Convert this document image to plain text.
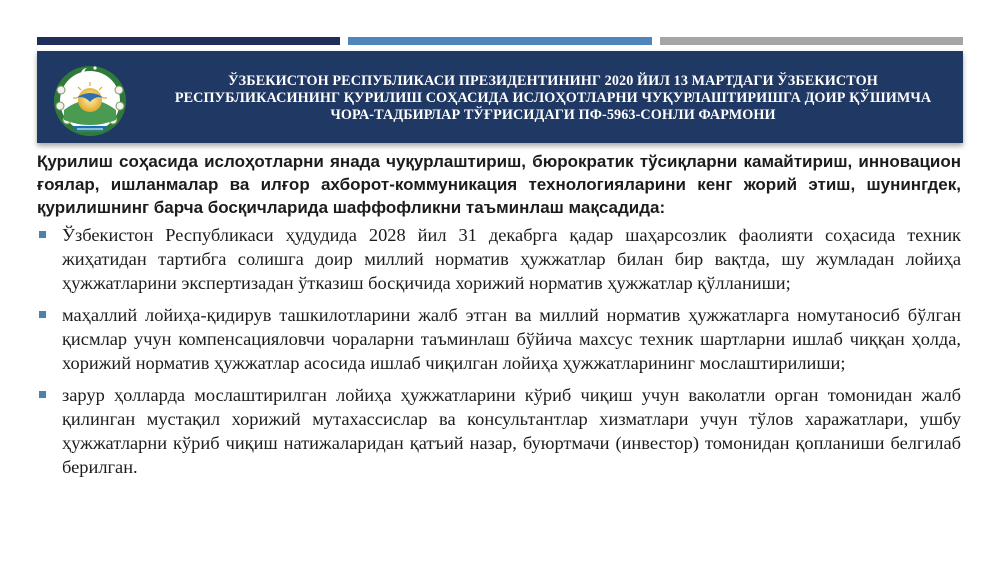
ЎЗБЕКИСТОН РЕСПУБЛИКАСИ ПРЕЗИДЕНТИНИНГ 2020 ЙИЛ 13 МАРТДАГИ ЎЗБЕКИСТОН РЕСПУБЛИКАСИНИНГ ҚУРИЛИШ СОҲАСИДА ИСЛОҲОТЛАРНИ ЧУҚУРЛАШТИРИШГА ДОИР ҚЎШИМЧА ЧОРА-ТАДБИРЛАР ТЎҒРИСИДАГИ ПФ-5963-СОНЛИ ФАРМОНИ

Қурилиш соҳасида ислоҳотларни янада чуқурлаштириш, бюрократик тўсиқларни камайтириш, инновацион ғоялар, ишланмалар ва илғор ахборот-коммуникация технологияларини кенг жорий этиш, шунингдек, қурилишнинг барча босқичларида шаффофликни таъминлаш мақсадида:

Ўзбекистон Республикаси ҳудудида 2028 йил 31 декабрга қадар шаҳарсозлик фаолияти соҳасида техник жиҳатидан тартибга солишга доир миллий норматив ҳужжатлар билан бир вақтда, шу жумладан лойиҳа ҳужжатларини экспертизадан ўтказиш босқичида хорижий норматив ҳужжатлар қўлланиши;
маҳаллий лойиҳа-қидирув ташкилотларини жалб этган ва миллий норматив ҳужжатларга номутаносиб бўлган қисмлар учун компенсацияловчи чораларни таъминлаш бўйича махсус техник шартларни ишлаб чиққан ҳолда, хорижий норматив ҳужжатлар асосида ишлаб чиқилган лойиҳа ҳужжатларининг мослаштирилиши;
зарур ҳолларда мослаштирилган лойиҳа ҳужжатларини кўриб чиқиш учун ваколатли орган томонидан жалб қилинган мустақил хорижий мутахассислар ва консультантлар хизматлари учун тўлов харажатлари, ушбу ҳужжатларни кўриб чиқиш натижаларидан қатъий назар, буюртмачи (инвестор) томонидан қопланиши белгилаб берилган.
